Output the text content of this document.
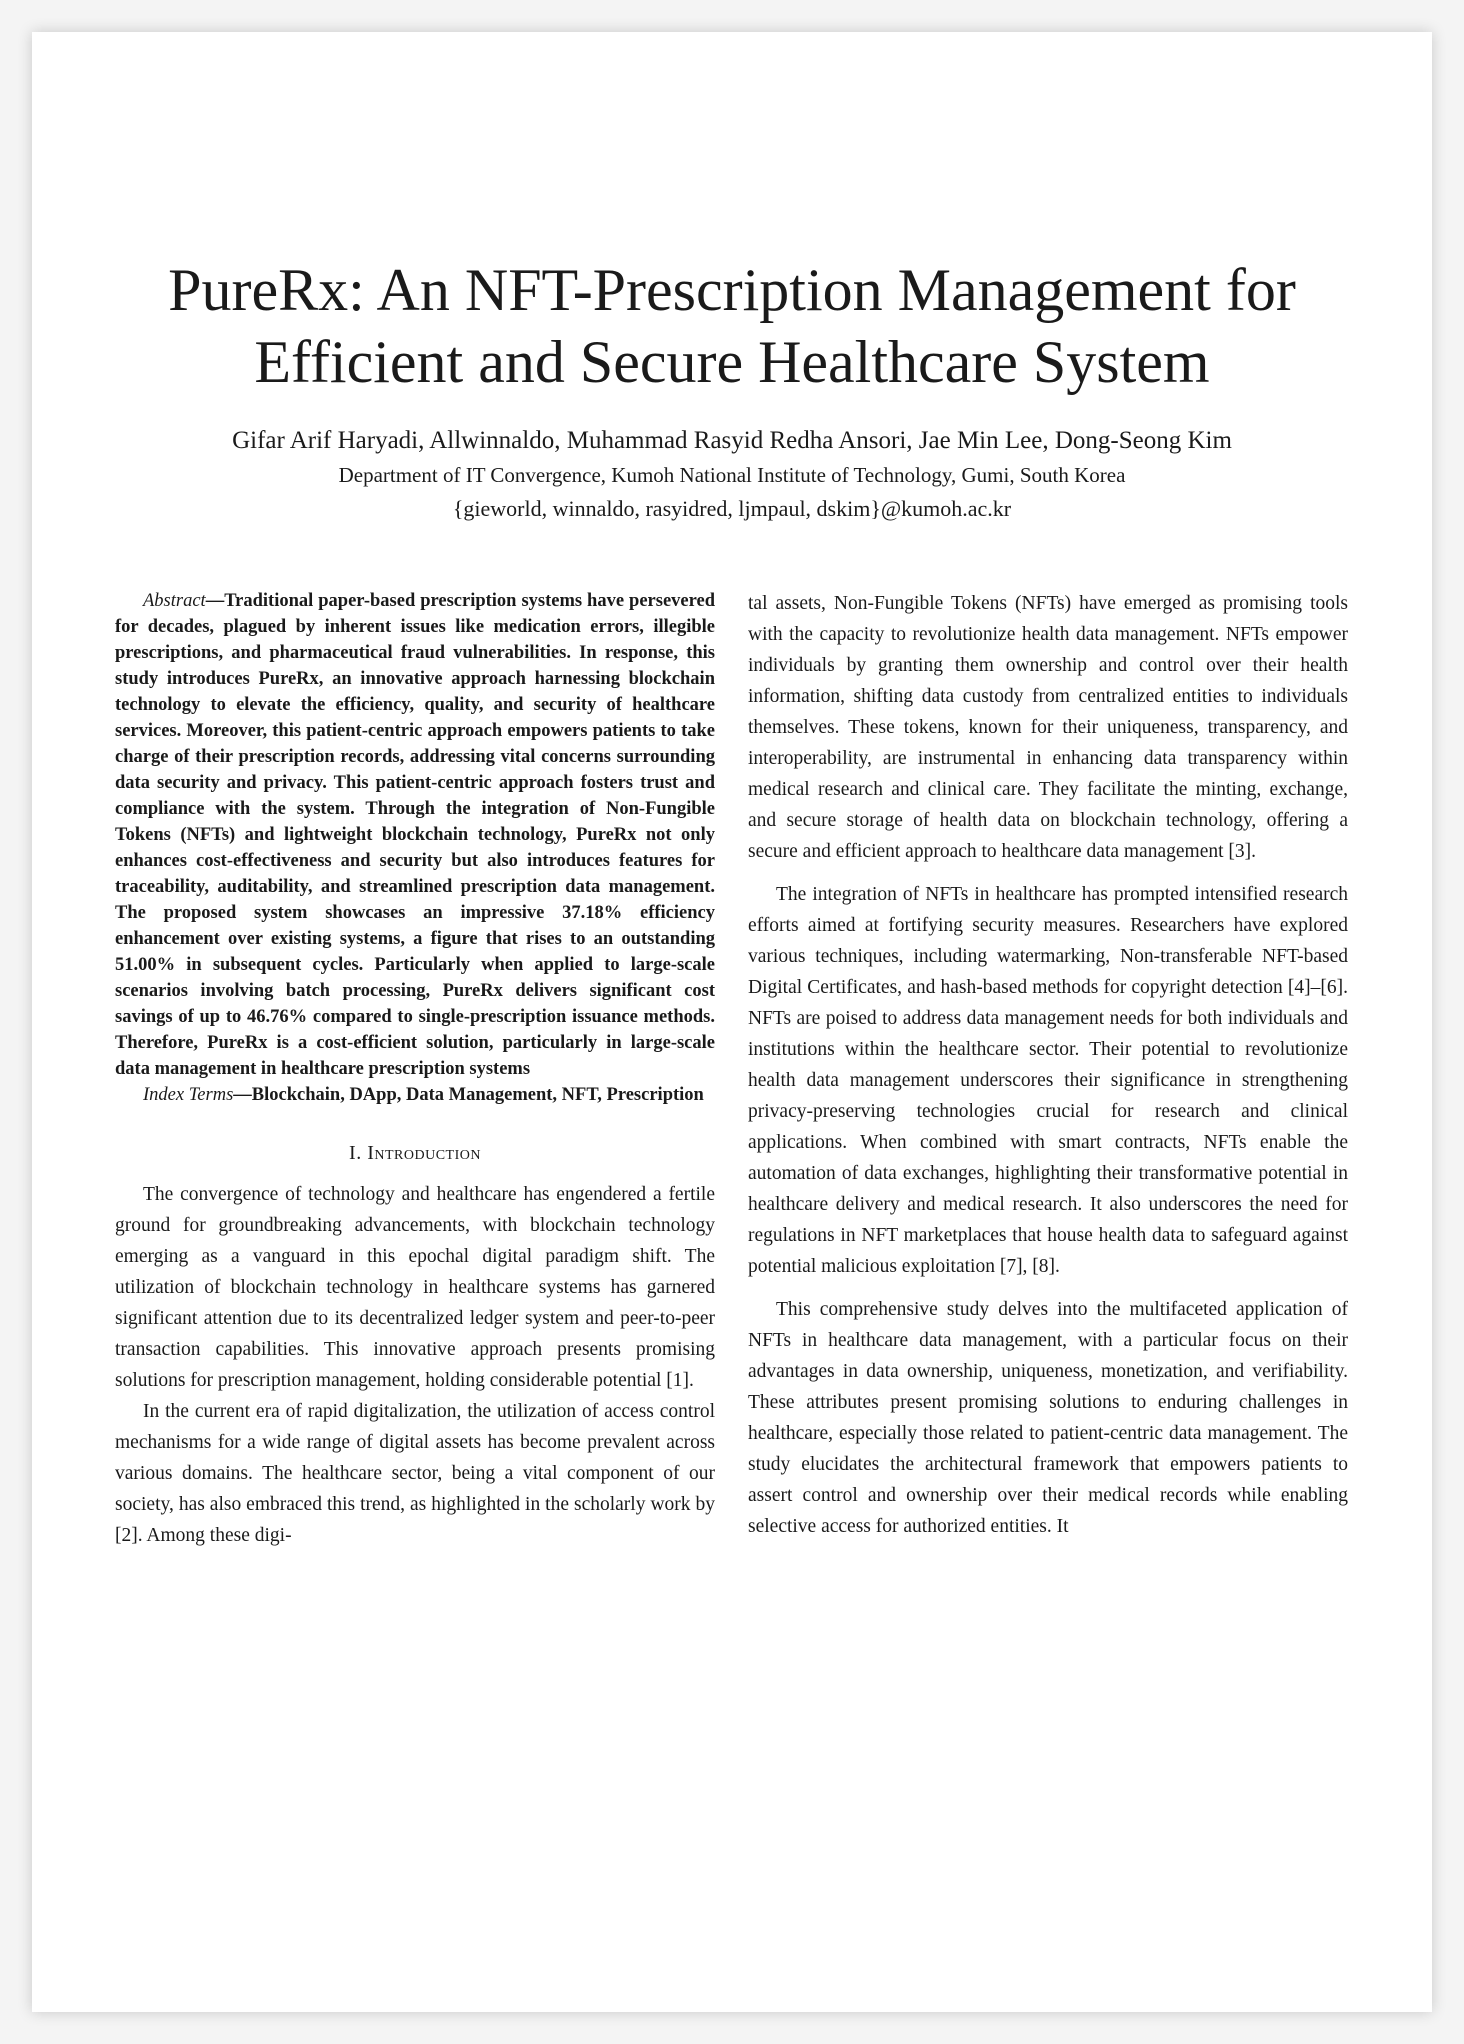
PureRx: An NFT-Prescription Management for
Efficient and Secure Healthcare System
Gifar Arif Haryadi, Allwinnaldo, Muhammad Rasyid Redha Ansori, Jae Min Lee, Dong-Seong Kim
Department of IT Convergence, Kumoh National Institute of Technology, Gumi, South Korea
{gieworld, winnaldo, rasyidred, ljmpaul, dskim}@kumoh.ac.kr

Abstract—Traditional paper-based prescription systems have persevered for decades, plagued by inherent issues like medication errors, illegible prescriptions, and pharmaceutical fraud vulnerabilities. In response, this study introduces PureRx, an innovative approach harnessing blockchain technology to elevate the efficiency, quality, and security of healthcare services. Moreover, this patient-centric approach empowers patients to take charge of their prescription records, addressing vital concerns surrounding data security and privacy. This patient-centric approach fosters trust and compliance with the system. Through the integration of Non-Fungible Tokens (NFTs) and lightweight blockchain technology, PureRx not only enhances cost-effectiveness and security but also introduces features for traceability, auditability, and streamlined prescription data management. The proposed system showcases an impressive 37.18% efficiency enhancement over existing systems, a figure that rises to an outstanding 51.00% in subsequent cycles. Particularly when applied to large-scale scenarios involving batch processing, PureRx delivers significant cost savings of up to 46.76% compared to single-prescription issuance methods. Therefore, PureRx is a cost-efficient solution, particularly in large-scale data management in healthcare prescription systems

Index Terms—Blockchain, DApp, Data Management, NFT, Prescription

I. Introduction

The convergence of technology and healthcare has engendered a fertile ground for groundbreaking advancements, with blockchain technology emerging as a vanguard in this epochal digital paradigm shift. The utilization of blockchain technology in healthcare systems has garnered significant attention due to its decentralized ledger system and peer-to-peer transaction capabilities. This innovative approach presents promising solutions for prescription management, holding considerable potential [1].

In the current era of rapid digitalization, the utilization of access control mechanisms for a wide range of digital assets has become prevalent across various domains. The healthcare sector, being a vital component of our society, has also embraced this trend, as highlighted in the scholarly work by [2]. Among these digi-

tal assets, Non-Fungible Tokens (NFTs) have emerged as promising tools with the capacity to revolutionize health data management. NFTs empower individuals by granting them ownership and control over their health information, shifting data custody from centralized entities to individuals themselves. These tokens, known for their uniqueness, transparency, and interoperability, are instrumental in enhancing data transparency within medical research and clinical care. They facilitate the minting, exchange, and secure storage of health data on blockchain technology, offering a secure and efficient approach to healthcare data management [3].

The integration of NFTs in healthcare has prompted intensified research efforts aimed at fortifying security measures. Researchers have explored various techniques, including watermarking, Non-transferable NFT-based Digital Certificates, and hash-based methods for copyright detection [4]–[6]. NFTs are poised to address data management needs for both individuals and institutions within the healthcare sector. Their potential to revolutionize health data management underscores their significance in strengthening privacy-preserving technologies crucial for research and clinical applications. When combined with smart contracts, NFTs enable the automation of data exchanges, highlighting their transformative potential in healthcare delivery and medical research. It also underscores the need for regulations in NFT marketplaces that house health data to safeguard against potential malicious exploitation [7], [8].

This comprehensive study delves into the multifaceted application of NFTs in healthcare data management, with a particular focus on their advantages in data ownership, uniqueness, monetization, and verifiability. These attributes present promising solutions to enduring challenges in healthcare, especially those related to patient-centric data management. The study elucidates the architectural framework that empowers patients to assert control and ownership over their medical records while enabling selective access for authorized entities. It
